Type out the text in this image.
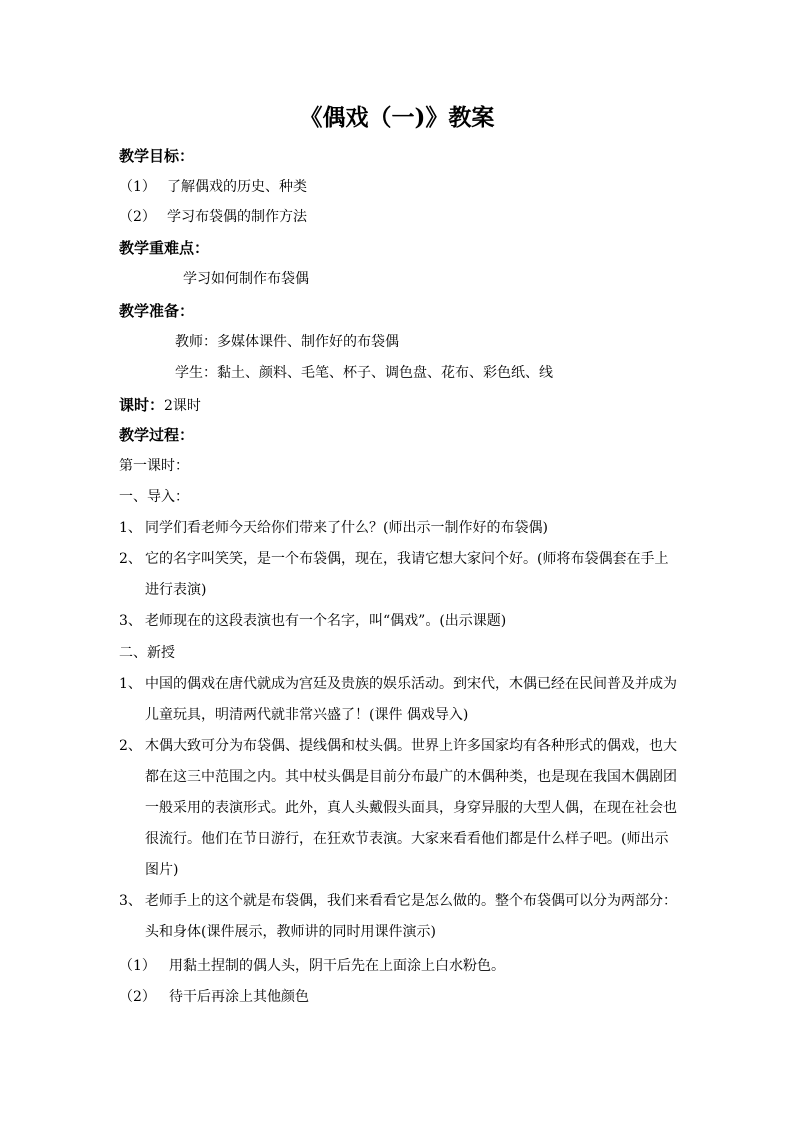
《偶戏（一)》教案
教学目标：
（1） 了解偶戏的历史、种类
（2） 学习布袋偶的制作方法
教学重难点：
学习如何制作布袋偶
教学准备：
教师：多媒体课件、制作好的布袋偶
学生：黏土、颜料、毛笔、杯子、调色盘、花布、彩色纸、线
课时：2课时
教学过程：
第一课时：
一、导入：
1、 同学们看老师今天给你们带来了什么？(师出示一制作好的布袋偶)
2、 它的名字叫笑笑，是一个布袋偶，现在，我请它想大家问个好。(师将布袋偶套在手上
进行表演)
3、 老师现在的这段表演也有一个名字，叫“偶戏”。(出示课题)
二、新授
1、 中国的偶戏在唐代就成为宫廷及贵族的娱乐活动。到宋代，木偶已经在民间普及并成为
儿童玩具，明清两代就非常兴盛了！(课件 偶戏导入)
2、 木偶大致可分为布袋偶、提线偶和杖头偶。世界上许多国家均有各种形式的偶戏，也大
都在这三中范围之内。其中杖头偶是目前分布最广的木偶种类，也是现在我国木偶剧团
一般采用的表演形式。此外，真人头戴假头面具，身穿异服的大型人偶，在现在社会也
很流行。他们在节日游行，在狂欢节表演。大家来看看他们都是什么样子吧。(师出示
图片)
3、 老师手上的这个就是布袋偶，我们来看看它是怎么做的。整个布袋偶可以分为两部分：
头和身体(课件展示，教师讲的同时用课件演示)
（1） 用黏土捏制的偶人头，阴干后先在上面涂上白水粉色。
（2） 待干后再涂上其他颜色
